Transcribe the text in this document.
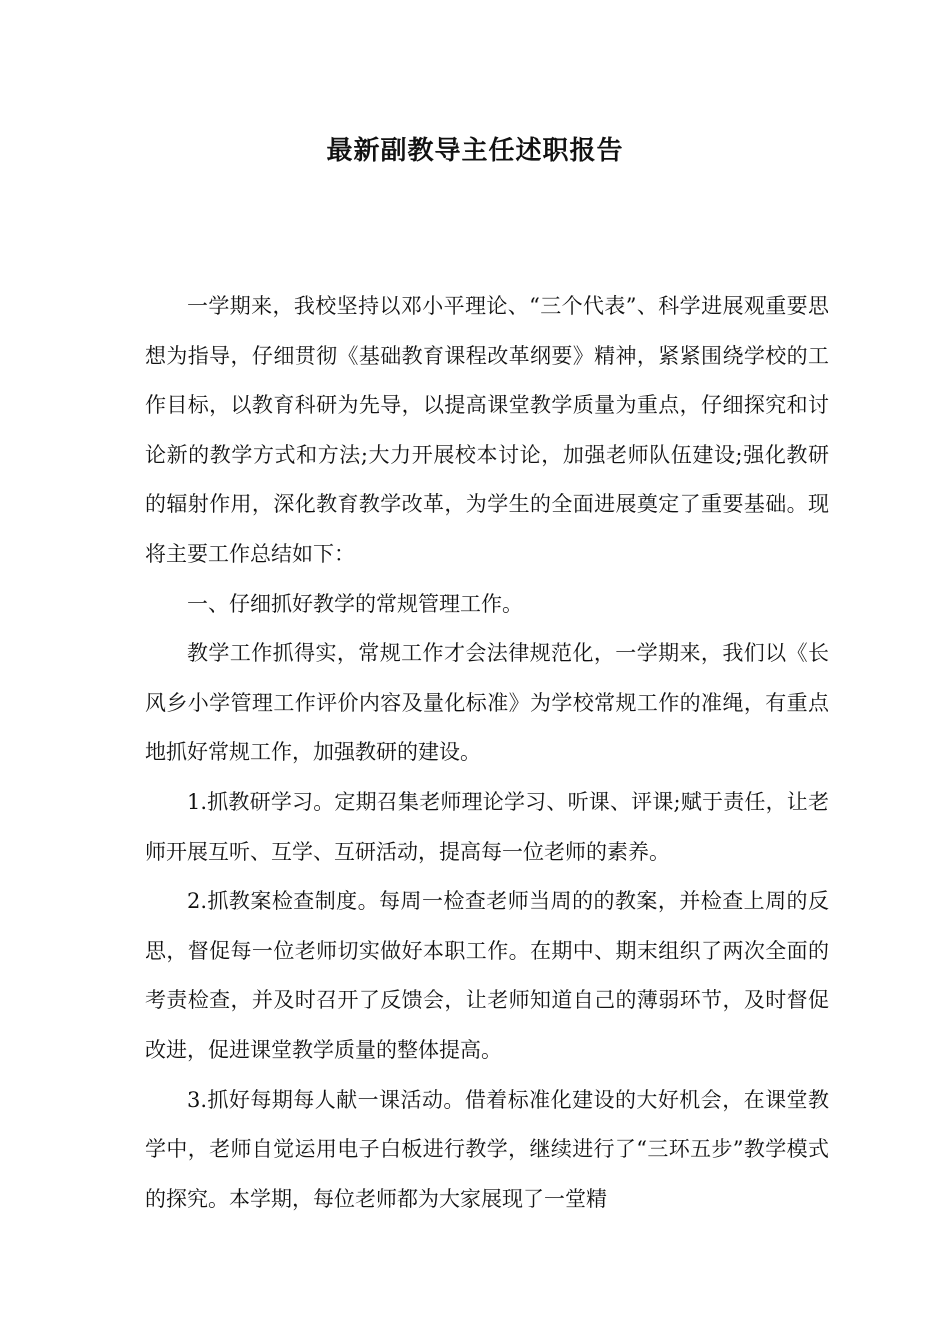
最新副教导主任述职报告

一学期来，我校坚持以邓小平理论、“三个代表”、科学进展观重要思想为指导，仔细贯彻《基础教育课程改革纲要》精神，紧紧围绕学校的工作目标，以教育科研为先导，以提高课堂教学质量为重点，仔细探究和讨论新的教学方式和方法;大力开展校本讨论，加强老师队伍建设;强化教研的辐射作用，深化教育教学改革，为学生的全面进展奠定了重要基础。现将主要工作总结如下：

一、仔细抓好教学的常规管理工作。

教学工作抓得实，常规工作才会法律规范化，一学期来，我们以《长风乡小学管理工作评价内容及量化标准》为学校常规工作的准绳，有重点地抓好常规工作，加强教研的建设。

1.抓教研学习。定期召集老师理论学习、听课、评课;赋于责任，让老师开展互听、互学、互研活动，提高每一位老师的素养。

2.抓教案检查制度。每周一检查老师当周的的教案，并检查上周的反思，督促每一位老师切实做好本职工作。在期中、期末组织了两次全面的考责检查，并及时召开了反馈会，让老师知道自己的薄弱环节，及时督促改进，促进课堂教学质量的整体提高。

3.抓好每期每人献一课活动。借着标准化建设的大好机会，在课堂教学中，老师自觉运用电子白板进行教学，继续进行了“三环五步”教学模式的探究。本学期，每位老师都为大家展现了一堂精
